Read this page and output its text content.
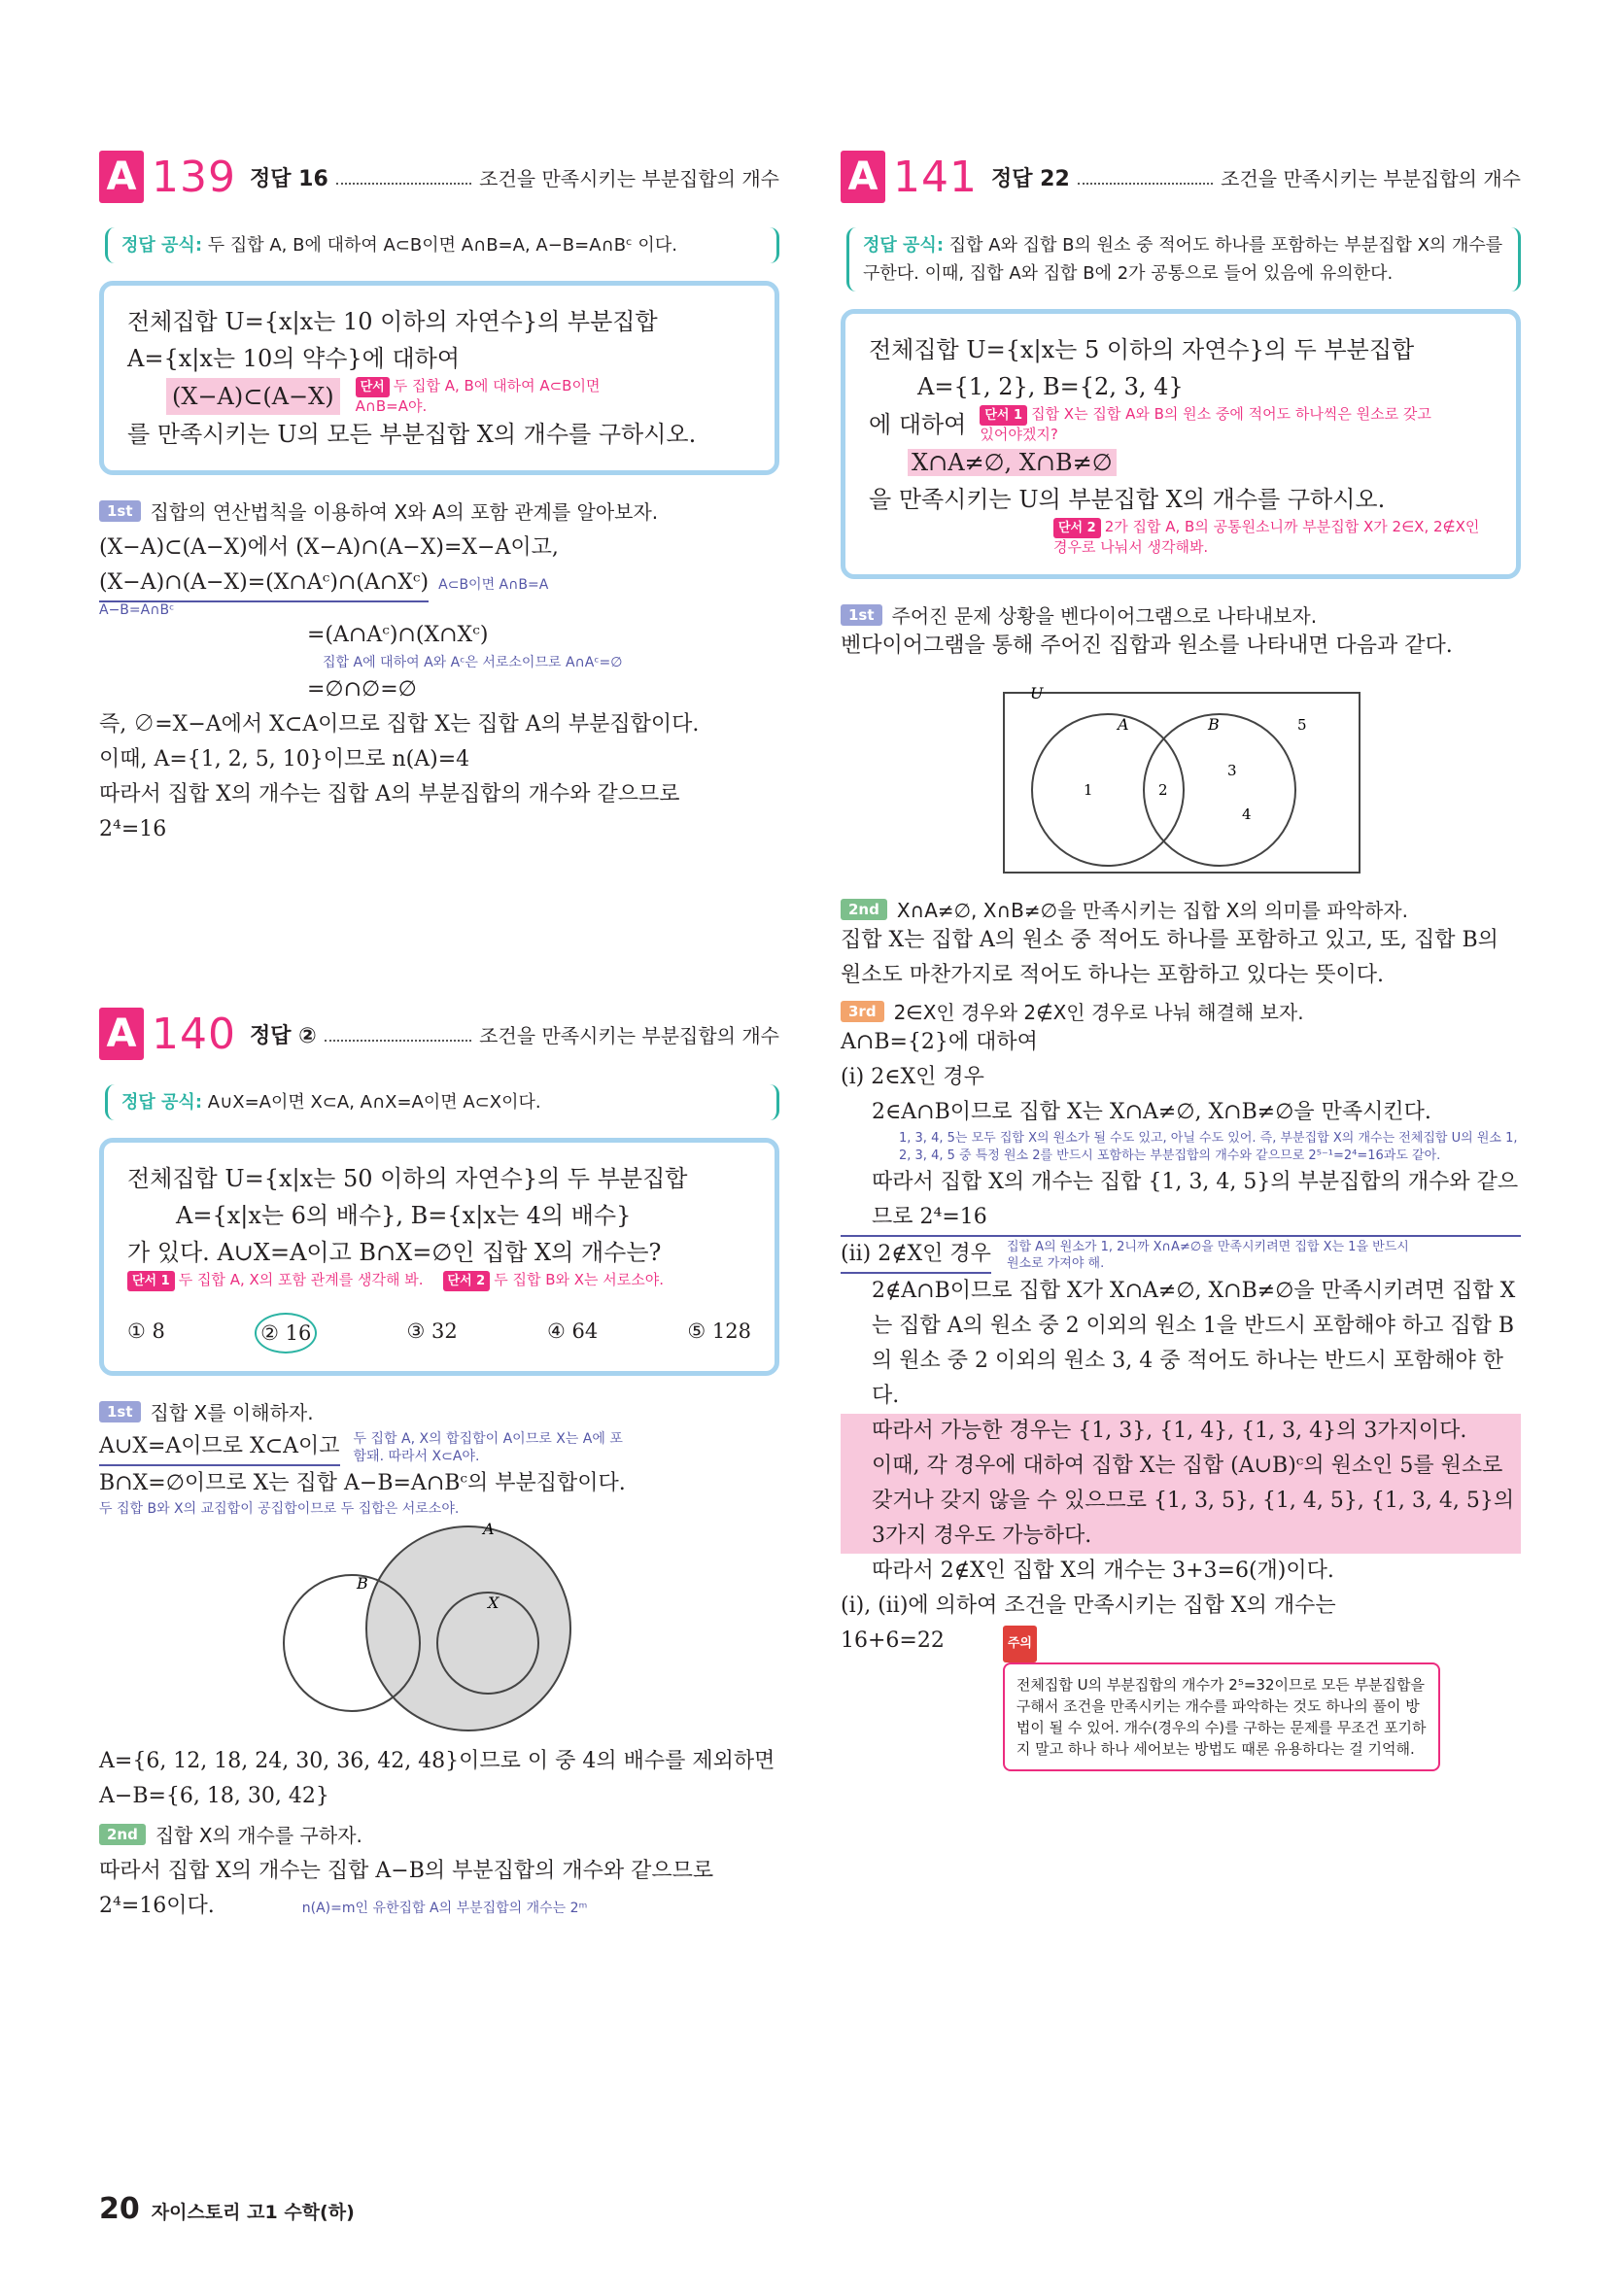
A 139 정답 16	조건을 만족시키는 부분집합의 개수
정답 공식: 두 집합 A, B에 대하여 A⊂B이면 A∩B=A, A−B=A∩Bᶜ 이다.
전체집합 U={x|x는 10 이하의 자연수}의 부분집합
A={x|x는 10의 약수}에 대하여
(X−A)⊂(A−X)	단서 두 집합 A, B에 대하여 A⊂B이면 A∩B=A야.
를 만족시키는 U의 모든 부분집합 X의 개수를 구하시오.
1st 집합의 연산법칙을 이용하여 X와 A의 포함 관계를 알아보자.
(X−A)⊂(A−X)에서 (X−A)∩(A−X)=X−A이고,
(X−A)∩(A−X)=(X∩Aᶜ)∩(A∩Xᶜ) A⊂B이면 A∩B=A
A−B=A∩Bᶜ
=(A∩Aᶜ)∩(X∩Xᶜ)
집합 A에 대하여 A와 Aᶜ은 서로소이므로 A∩Aᶜ=∅
=∅∩∅=∅
즉, ∅=X−A에서 X⊂A이므로 집합 X는 집합 A의 부분집합이다.
이때, A={1, 2, 5, 10}이므로 n(A)=4
따라서 집합 X의 개수는 집합 A의 부분집합의 개수와 같으므로
2⁴=16
A 140 정답 ②	조건을 만족시키는 부분집합의 개수
정답 공식: A∪X=A이면 X⊂A, A∩X=A이면 A⊂X이다.
전체집합 U={x|x는 50 이하의 자연수}의 두 부분집합
A={x|x는 6의 배수}, B={x|x는 4의 배수}
가 있다. A∪X=A이고 B∩X=∅인 집합 X의 개수는?
단서 1 두 집합 A, X의 포함 관계를 생각해 봐.	단서 2 두 집합 B와 X는 서로소야.
① 8	② 16	③ 32	④ 64	⑤ 128
1st 집합 X를 이해하자.
A∪X=A이므로 X⊂A이고 두 집합 A, X의 합집합이 A이므로 X는 A에 포함돼. 따라서 X⊂A야.
B∩X=∅이므로 X는 집합 A−B=A∩Bᶜ의 부분집합이다.
두 집합 B와 X의 교집합이 공집합이므로 두 집합은 서로소야.
A
B
X
A={6, 12, 18, 24, 30, 36, 42, 48}이므로 이 중 4의 배수를 제외하면
A−B={6, 18, 30, 42}
2nd 집합 X의 개수를 구하자.
따라서 집합 X의 개수는 집합 A−B의 부분집합의 개수와 같으므로
2⁴=16이다.	n(A)=m인 유한집합 A의 부분집합의 개수는 2ᵐ
A 141 정답 22	조건을 만족시키는 부분집합의 개수
정답 공식: 집합 A와 집합 B의 원소 중 적어도 하나를 포함하는 부분집합 X의 개수를 구한다. 이때, 집합 A와 집합 B에 2가 공통으로 들어 있음에 유의한다.
전체집합 U={x|x는 5 이하의 자연수}의 두 부분집합
A={1, 2}, B={2, 3, 4}
에 대하여	단서 1 집합 X는 집합 A와 B의 원소 중에 적어도 하나씩은 원소로 갖고 있어야겠지?
X∩A≠∅, X∩B≠∅
을 만족시키는 U의 부분집합 X의 개수를 구하시오.
단서 2 2가 집합 A, B의 공통원소니까 부분집합 X가 2∈X, 2∉X인 경우로 나눠서 생각해봐.
1st 주어진 문제 상황을 벤다이어그램으로 나타내보자.
벤다이어그램을 통해 주어진 집합과 원소를 나타내면 다음과 같다.
U
A	B
1	2
3
4
5
2nd X∩A≠∅, X∩B≠∅을 만족시키는 집합 X의 의미를 파악하자.
집합 X는 집합 A의 원소 중 적어도 하나를 포함하고 있고, 또, 집합 B의 원소도 마찬가지로 적어도 하나는 포함하고 있다는 뜻이다.
3rd 2∈X인 경우와 2∉X인 경우로 나눠 해결해 보자.
A∩B={2}에 대하여
(i) 2∈X인 경우
2∈A∩B이므로 집합 X는 X∩A≠∅, X∩B≠∅을 만족시킨다.
1, 3, 4, 5는 모두 집합 X의 원소가 될 수도 있고, 아닐 수도 있어. 즉, 부분집합 X의 개수는 전체집합 U의 원소 1, 2, 3, 4, 5 중 특정 원소 2를 반드시 포함하는 부분집합의 개수와 같으므로 2⁵⁻¹=2⁴=16과도 같아.
따라서 집합 X의 개수는 집합 {1, 3, 4, 5}의 부분집합의 개수와 같으므로 2⁴=16
(ii) 2∉X인 경우 집합 A의 원소가 1, 2니까 X∩A≠∅을 만족시키려면 집합 X는 1을 반드시 원소로 가져야 해.
2∉A∩B이므로 집합 X가 X∩A≠∅, X∩B≠∅을 만족시키려면 집합 X는 집합 A의 원소 중 2 이외의 원소 1을 반드시 포함해야 하고 집합 B의 원소 중 2 이외의 원소 3, 4 중 적어도 하나는 반드시 포함해야 한다.
따라서 가능한 경우는 {1, 3}, {1, 4}, {1, 3, 4}의 3가지이다.
이때, 각 경우에 대하여 집합 X는 집합 (A∪B)ᶜ의 원소인 5를 원소로 갖거나 갖지 않을 수 있으므로 {1, 3, 5}, {1, 4, 5}, {1, 3, 4, 5}의 3가지 경우도 가능하다.
따라서 2∉X인 집합 X의 개수는 3+3=6(개)이다.
(i), (ii)에 의하여 조건을 만족시키는 집합 X의 개수는
16+6=22	주의
전체집합 U의 부분집합의 개수가 2⁵=32이므로 모든 부분집합을 구해서 조건을 만족시키는 개수를 파악하는 것도 하나의 풀이 방법이 될 수 있어. 개수(경우의 수)를 구하는 문제를 무조건 포기하지 말고 하나 하나 세어보는 방법도 때론 유용하다는 걸 기억해.
20 자이스토리 고1 수학(하)
